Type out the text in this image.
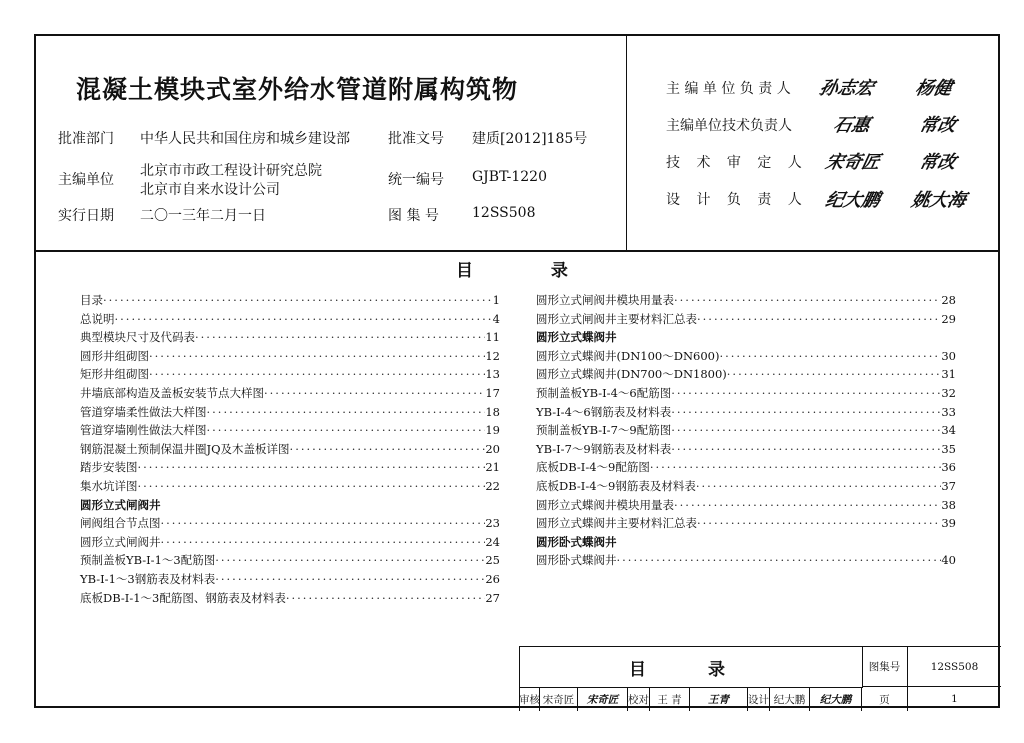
混凝土模块式室外给水管道附属构筑物
批准部门 中华人民共和国住房和城乡建设部	批准文号 建质[2012]185号
主编单位
北京市市政工程设计研究总院
北京市自来水设计公司
统一编号 GJBT-1220
实行日期 二〇一三年二月一日	图 集 号 12SS508
主 编 单 位 负 责 人 孙志宏 杨健
主编单位技术负责人 石惠	常改
技 术 审 定 人 宋奇匠 常改
设 计 负 责 人 纪大鹏 姚大海
目 录
目录 ·····	1
总说明 ·····	4
典型模块尺寸及代码表 ·····	11
圆形井组砌图 ·····	12
矩形井组砌图 ·····	13
井墙底部构造及盖板安装节点大样图 ·····	17
管道穿墙柔性做法大样图 ·····	18
管道穿墙刚性做法大样图 ·····	19
钢筋混凝土预制保温井圈JQ及木盖板详图 ·····	20
踏步安装图 ·····	21
集水坑详图 ·····	22
圆形立式闸阀井
闸阀组合节点图 ·····	23
圆形立式闸阀井 ·····	24
预制盖板YB-Ⅰ-1～3配筋图 ·····	25
YB-Ⅰ-1～3钢筋表及材料表 ·····	26
底板DB-Ⅰ-1～3配筋图、钢筋表及材料表 ·····	27
圆形立式闸阀井模块用量表 ·····	28
圆形立式闸阀井主要材料汇总表 ·····	29
圆形立式蝶阀井
圆形立式蝶阀井(DN100～DN600) ·····	30
圆形立式蝶阀井(DN700～DN1800) ·····	31
预制盖板YB-Ⅰ-4～6配筋图 ·····	32
YB-Ⅰ-4～6钢筋表及材料表 ·····	33
预制盖板YB-Ⅰ-7～9配筋图 ·····	34
YB-Ⅰ-7～9钢筋表及材料表 ·····	35
底板DB-Ⅰ-4～9配筋图 ·····	36
底板DB-Ⅰ-4～9钢筋表及材料表 ·····	37
圆形立式蝶阀井模块用量表 ·····	38
圆形立式蝶阀井主要材料汇总表 ·····	39
圆形卧式蝶阀井
圆形卧式蝶阀井 ·····	40
目 录	图集号	12SS508
审核 宋奇匠	宋奇匠 校对 王 青	王青	设计 纪大鹏	纪大鹏	页	1
